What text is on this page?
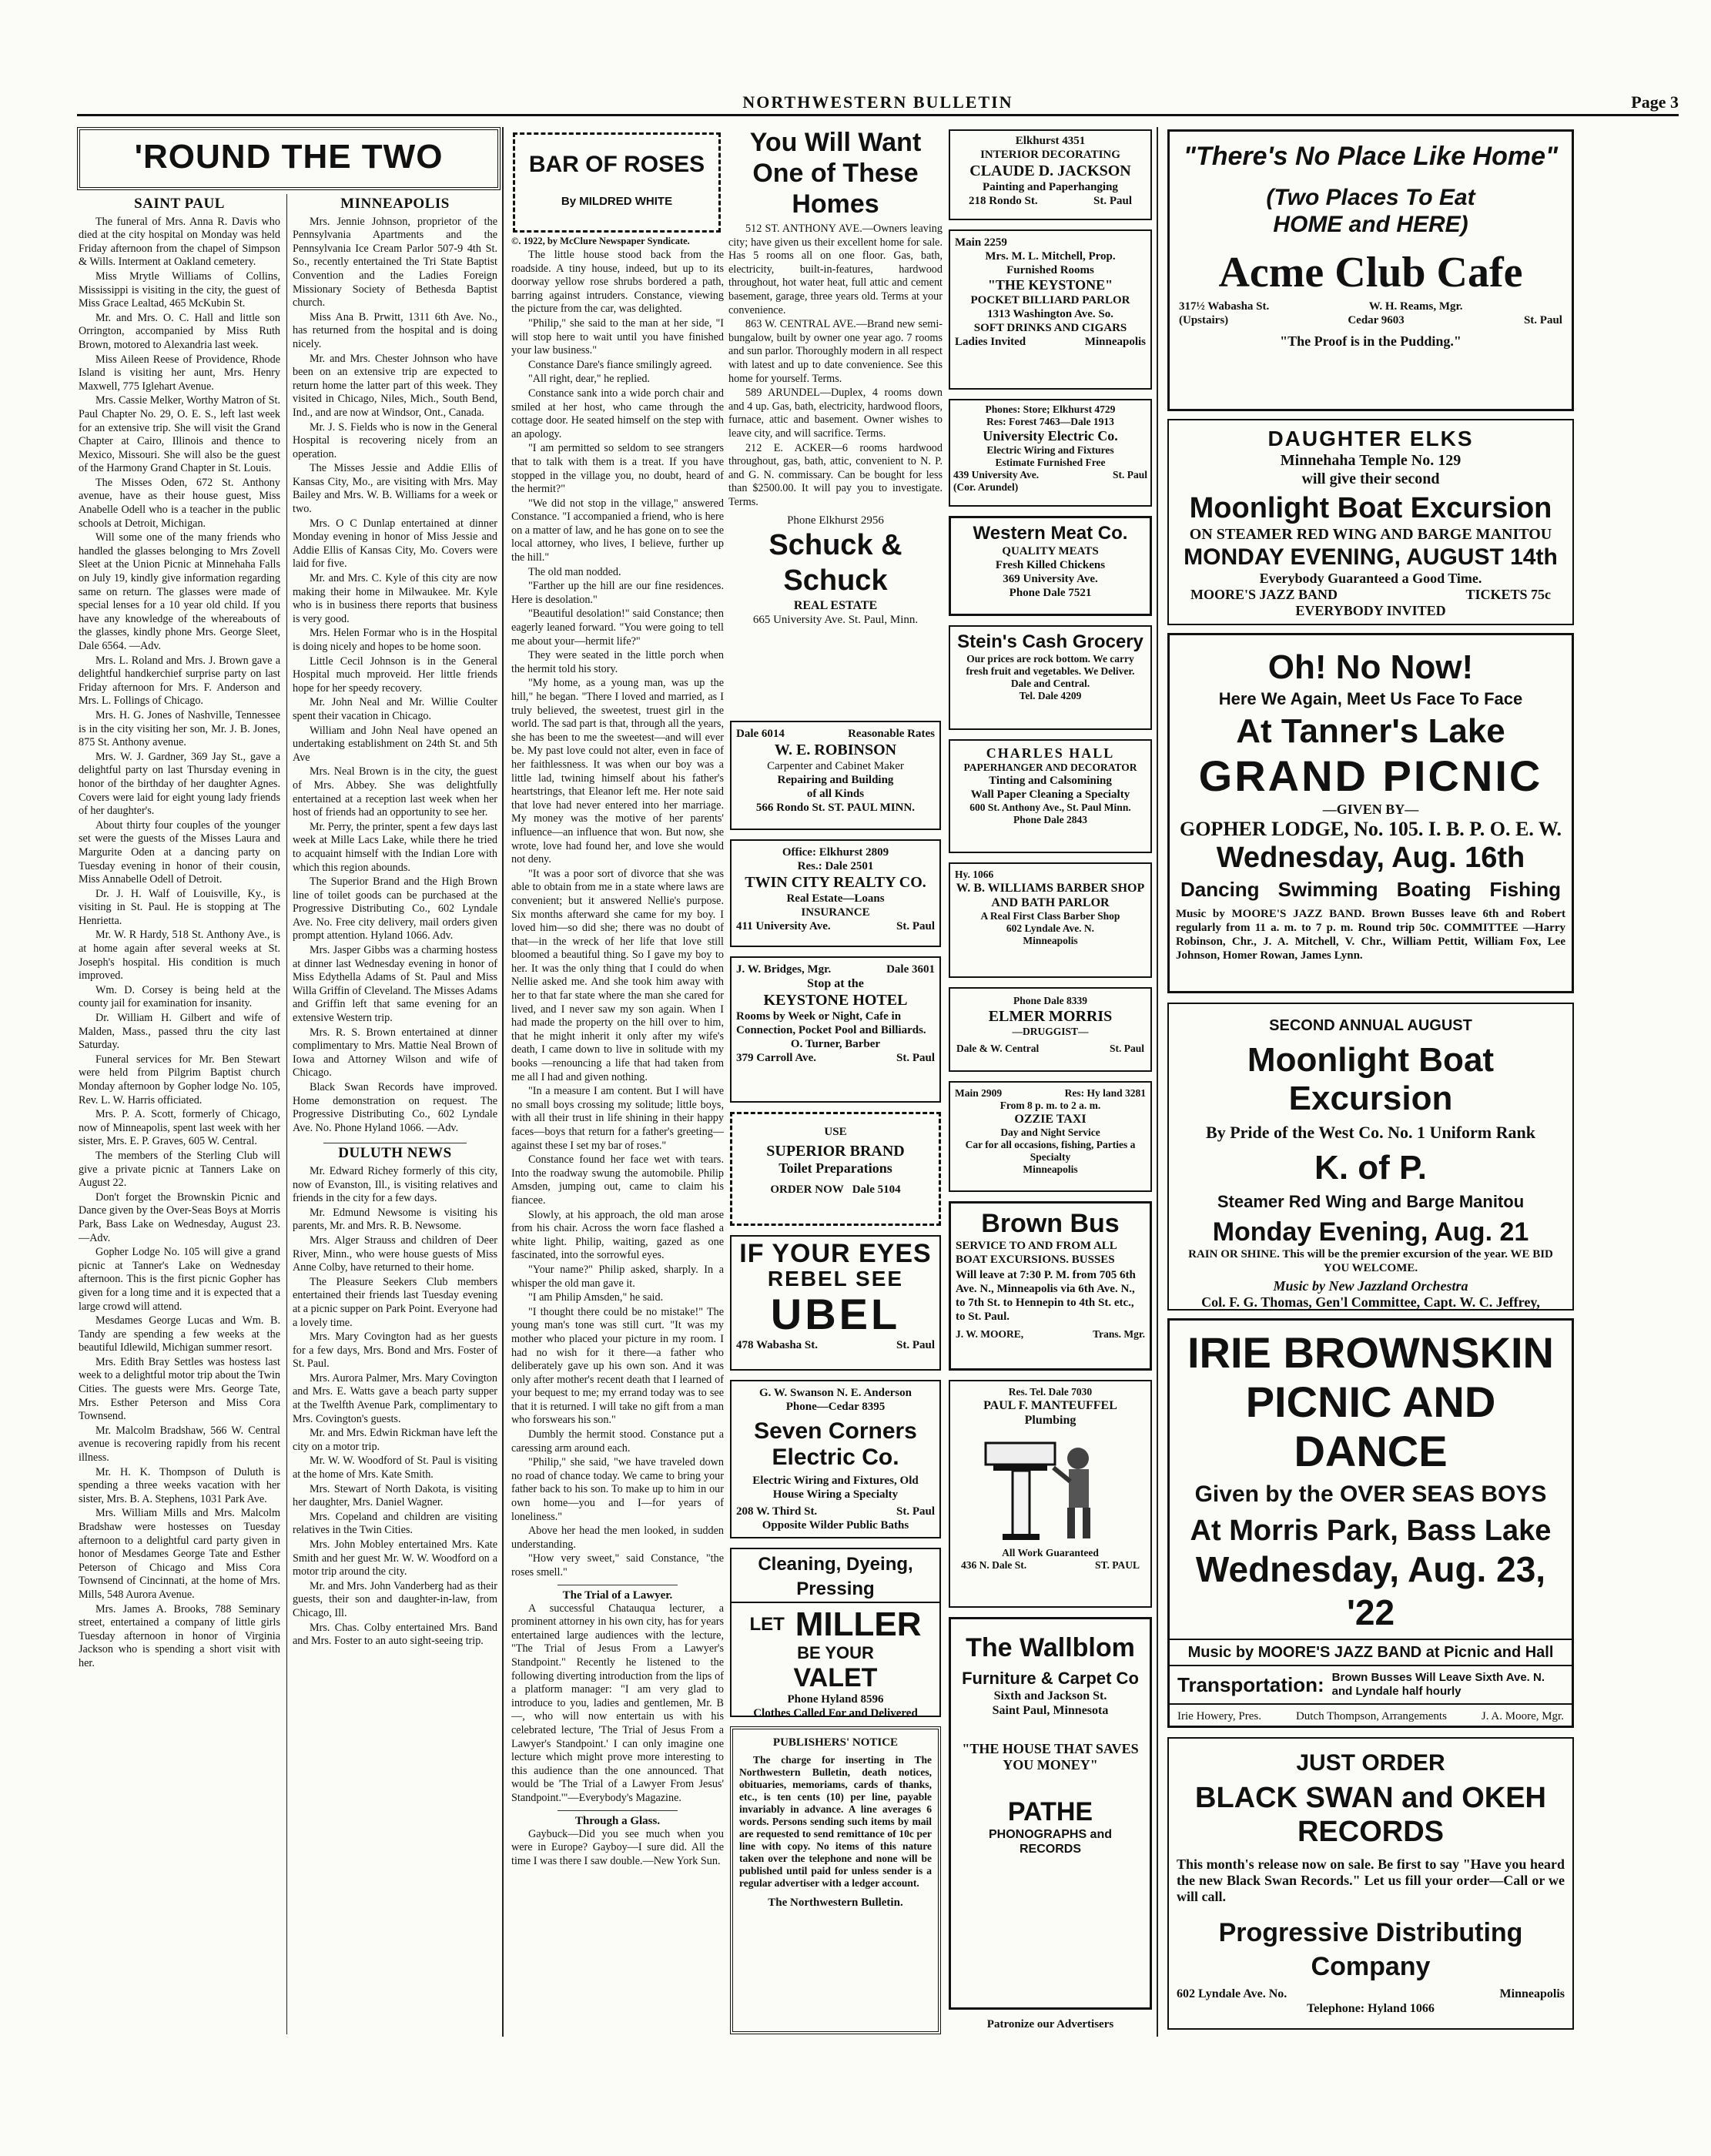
NORTHWESTERN BULLETIN	Page 3
'ROUND THE TWO
SAINT PAUL

The funeral of Mrs. Anna R. Davis who died at the city hospital on Monday was held Friday afternoon from the chapel of Simpson & Wills. Interment at Oakland cemetery.

Miss Mrytle Williams of Collins, Mississippi is visiting in the city, the guest of Miss Grace Lealtad, 465 McKubin St.

Mr. and Mrs. O. C. Hall and little son Orrington, accompanied by Miss Ruth Brown, motored to Alexandria last week.

Miss Aileen Reese of Providence, Rhode Island is visiting her aunt, Mrs. Henry Maxwell, 775 Iglehart Avenue.

Mrs. Cassie Melker, Worthy Matron of St. Paul Chapter No. 29, O. E. S., left last week for an extensive trip. She will visit the Grand Chapter at Cairo, Illinois and thence to Mexico, Missouri. She will also be the guest of the Harmony Grand Chapter in St. Louis.

The Misses Oden, 672 St. Anthony avenue, have as their house guest, Miss Anabelle Odell who is a teacher in the public schools at Detroit, Michigan.

Will some one of the many friends who handled the glasses belonging to Mrs Zovell Sleet at the Union Picnic at Minnehaha Falls on July 19, kindly give information regarding same on return. The glasses were made of special lenses for a 10 year old child. If you have any knowledge of the whereabouts of the glasses, kindly phone Mrs. George Sleet, Dale 6564. —Adv.

Mrs. L. Roland and Mrs. J. Brown gave a delightful handkerchief surprise party on last Friday afternoon for Mrs. F. Anderson and Mrs. L. Follings of Chicago.

Mrs. H. G. Jones of Nashville, Tennessee is in the city visiting her son, Mr. J. B. Jones, 875 St. Anthony avenue.

Mrs. W. J. Gardner, 369 Jay St., gave a delightful party on last Thursday evening in honor of the birthday of her daughter Agnes. Covers were laid for eight young lady friends of her daughter's.

About thirty four couples of the younger set were the guests of the Misses Laura and Margurite Oden at a dancing party on Tuesday evening in honor of their cousin, Miss Annabelle Odell of Detroit.

Dr. J. H. Walf of Louisville, Ky., is visiting in St. Paul. He is stopping at The Henrietta.

Mr. W. R Hardy, 518 St. Anthony Ave., is at home again after several weeks at St. Joseph's hospital. His condition is much improved.

Wm. D. Corsey is being held at the county jail for examination for insanity.

Dr. William H. Gilbert and wife of Malden, Mass., passed thru the city last Saturday.

Funeral services for Mr. Ben Stewart were held from Pilgrim Baptist church Monday afternoon by Gopher lodge No. 105, Rev. L. W. Harris officiated.

Mrs. P. A. Scott, formerly of Chicago, now of Minneapolis, spent last week with her sister, Mrs. E. P. Graves, 605 W. Central.

The members of the Sterling Club will give a private picnic at Tanners Lake on August 22.

Don't forget the Brownskin Picnic and Dance given by the Over-Seas Boys at Morris Park, Bass Lake on Wednesday, August 23. —Adv.

Gopher Lodge No. 105 will give a grand picnic at Tanner's Lake on Wednesday afternoon. This is the first picnic Gopher has given for a long time and it is expected that a large crowd will attend.

Mesdames George Lucas and Wm. B. Tandy are spending a few weeks at the beautiful Idlewild, Michigan summer resort.

Mrs. Edith Bray Settles was hostess last week to a delightful motor trip about the Twin Cities. The guests were Mrs. George Tate, Mrs. Esther Peterson and Miss Cora Townsend.

Mr. Malcolm Bradshaw, 566 W. Central avenue is recovering rapidly from his recent illness.

Mr. H. K. Thompson of Duluth is spending a three weeks vacation with her sister, Mrs. B. A. Stephens, 1031 Park Ave.

Mrs. William Mills and Mrs. Malcolm Bradshaw were hostesses on Tuesday afternoon to a delightful card party given in honor of Mesdames George Tate and Esther Peterson of Chicago and Miss Cora Townsend of Cincinnati, at the home of Mrs. Mills, 548 Aurora Avenue.

Mrs. James A. Brooks, 788 Seminary street, entertained a company of little girls Tuesday afternoon in honor of Virginia Jackson who is spending a short visit with her.

MINNEAPOLIS

Mrs. Jennie Johnson, proprietor of the Pennsylvania Apartments and the Pennsylvania Ice Cream Parlor 507-9 4th St. So., recently entertained the Tri State Baptist Convention and the Ladies Foreign Missionary Society of Bethesda Baptist church.

Miss Ana B. Prwitt, 1311 6th Ave. No., has returned from the hospital and is doing nicely.

Mr. and Mrs. Chester Johnson who have been on an extensive trip are expected to return home the latter part of this week. They visited in Chicago, Niles, Mich., South Bend, Ind., and are now at Windsor, Ont., Canada.

Mr. J. S. Fields who is now in the General Hospital is recovering nicely from an operation.

The Misses Jessie and Addie Ellis of Kansas City, Mo., are visiting with Mrs. May Bailey and Mrs. W. B. Williams for a week or two.

Mrs. O C Dunlap entertained at dinner Monday evening in honor of Miss Jessie and Addie Ellis of Kansas City, Mo. Covers were laid for five.

Mr. and Mrs. C. Kyle of this city are now making their home in Milwaukee. Mr. Kyle who is in business there reports that business is very good.

Mrs. Helen Formar who is in the Hospital is doing nicely and hopes to be home soon.

Little Cecil Johnson is in the General Hospital much mproveid. Her little friends hope for her speedy recovery.

Mr. John Neal and Mr. Willie Coulter spent their vacation in Chicago.

William and John Neal have opened an undertaking establishment on 24th St. and 5th Ave

Mrs. Neal Brown is in the city, the guest of Mrs. Abbey. She was delightfully entertained at a reception last week when her host of friends had an opportunity to see her.

Mr. Perry, the printer, spent a few days last week at Mille Lacs Lake, while there he tried to acquaint himself with the Indian Lore with which this region abounds.

The Superior Brand and the High Brown line of toilet goods can be purchased at the Progressive Distributing Co., 602 Lyndale Ave. No. Free city delivery, mail orders given prompt attention. Hyland 1066. Adv.

Mrs. Jasper Gibbs was a charming hostess at dinner last Wednesday evening in honor of Miss Edythella Adams of St. Paul and Miss Willa Griffin of Cleveland. The Misses Adams and Griffin left that same evening for an extensive Western trip.

Mrs. R. S. Brown entertained at dinner complimentary to Mrs. Mattie Neal Brown of Iowa and Attorney Wilson and wife of Chicago.

Black Swan Records have improved. Home demonstration on request. The Progressive Distributing Co., 602 Lyndale Ave. No. Phone Hyland 1066. —Adv.

DULUTH NEWS

Mr. Edward Richey formerly of this city, now of Evanston, Ill., is visiting relatives and friends in the city for a few days.

Mr. Edmund Newsome is visiting his parents, Mr. and Mrs. R. B. Newsome.

Mrs. Alger Strauss and children of Deer River, Minn., who were house guests of Miss Anne Colby, have returned to their home.

The Pleasure Seekers Club members entertained their friends last Tuesday evening at a picnic supper on Park Point. Everyone had a lovely time.

Mrs. Mary Covington had as her guests for a few days, Mrs. Bond and Mrs. Foster of St. Paul.

Mrs. Aurora Palmer, Mrs. Mary Covington and Mrs. E. Watts gave a beach party supper at the Twelfth Avenue Park, complimentary to Mrs. Covington's guests.

Mr. and Mrs. Edwin Rickman have left the city on a motor trip.

Mr. W. W. Woodford of St. Paul is visiting at the home of Mrs. Kate Smith.

Mrs. Stewart of North Dakota, is visiting her daughter, Mrs. Daniel Wagner.

Mrs. Copeland and children are visiting relatives in the Twin Cities.

Mrs. John Mobley entertained Mrs. Kate Smith and her guest Mr. W. W. Woodford on a motor trip around the city.

Mr. and Mrs. John Vanderberg had as their guests, their son and daughter-in-law, from Chicago, Ill.

Mrs. Chas. Colby entertained Mrs. Band and Mrs. Foster to an auto sight-seeing trip.

BAR OF ROSES
By MILDRED WHITE
©. 1922, by McClure Newspaper Syndicate.

The little house stood back from the roadside. A tiny house, indeed, but up to its doorway yellow rose shrubs bordered a path, barring against intruders. Constance, viewing the picture from the car, was delighted.

"Philip," she said to the man at her side, "I will stop here to wait until you have finished your law business."

Constance Dare's fiance smilingly agreed.

"All right, dear," he replied.

Constance sank into a wide porch chair and smiled at her host, who came through the cottage door. He seated himself on the step with an apology.

"I am permitted so seldom to see strangers that to talk with them is a treat. If you have stopped in the village you, no doubt, heard of the hermit?"

"We did not stop in the village," answered Constance. "I accompanied a friend, who is here on a matter of law, and he has gone on to see the local attorney, who lives, I believe, further up the hill."

The old man nodded.

"Farther up the hill are our fine residences. Here is desolation."

"Beautiful desolation!" said Constance; then eagerly leaned forward. "You were going to tell me about your—hermit life?"

They were seated in the little porch when the hermit told his story.

"My home, as a young man, was up the hill," he began. "There I loved and married, as I truly believed, the sweetest, truest girl in the world. The sad part is that, through all the years, she has been to me the sweetest—and will ever be. My past love could not alter, even in face of her faithlessness. It was when our boy was a little lad, twining himself about his father's heartstrings, that Eleanor left me. Her note said that love had never entered into her marriage. My money was the motive of her parents' influence—an influence that won. But now, she wrote, love had found her, and love she would not deny.

"It was a poor sort of divorce that she was able to obtain from me in a state where laws are convenient; but it answered Nellie's purpose. Six months afterward she came for my boy. I loved him—so did she; there was no doubt of that—in the wreck of her life that love still bloomed a beautiful thing. So I gave my boy to her. It was the only thing that I could do when Nellie asked me. And she took him away with her to that far state where the man she cared for lived, and I never saw my son again. When I had made the property on the hill over to him, that he might inherit it only after my wife's death, I came down to live in solitude with my books —renouncing a life that had taken from me all I had and given nothing.

"In a measure I am content. But I will have no small boys crossing my solitude; little boys, with all their trust in life shining in their happy faces—boys that return for a father's greeting—against these I set my bar of roses."

Constance found her face wet with tears. Into the roadway swung the automobile. Philip Amsden, jumping out, came to claim his fiancee.

Slowly, at his approach, the old man arose from his chair. Across the worn face flashed a white light. Philip, waiting, gazed as one fascinated, into the sorrowful eyes.

"Your name?" Philip asked, sharply. In a whisper the old man gave it.

"I am Philip Amsden," he said.

"I thought there could be no mistake!" The young man's tone was still curt. "It was my mother who placed your picture in my room. I had no wish for it there—a father who deliberately gave up his own son. And it was only after mother's recent death that I learned of your bequest to me; my errand today was to see that it is returned. I will take no gift from a man who forswears his son."

Dumbly the hermit stood. Constance put a caressing arm around each.

"Philip," she said, "we have traveled down no road of chance today. We came to bring your father back to his son. To make up to him in our own home—you and I—for years of loneliness."

Above her head the men looked, in sudden understanding.

"How very sweet," said Constance, "the roses smell."

The Trial of a Lawyer.

A successful Chatauqua lecturer, a prominent attorney in his own city, has for years entertained large audiences with the lecture, "The Trial of Jesus From a Lawyer's Standpoint." Recently he listened to the following diverting introduction from the lips of a platform manager: "I am very glad to introduce to you, ladies and gentlemen, Mr. B—, who will now entertain us with his celebrated lecture, 'The Trial of Jesus From a Lawyer's Standpoint.' I can only imagine one lecture which might prove more interesting to this audience than the one announced. That would be 'The Trial of a Lawyer From Jesus' Standpoint.'"—Everybody's Magazine.

Through a Glass.

Gaybuck—Did you see much when you were in Europe? Gayboy—I sure did. All the time I was there I saw double.—New York Sun.

You Will Want One of These Homes

512 ST. ANTHONY AVE.—Owners leaving city; have given us their excellent home for sale. Has 5 rooms all on one floor. Gas, bath, electricity, built-in-features, hardwood throughout, hot water heat, full attic and cement basement, garage, three years old. Terms at your convenience.

863 W. CENTRAL AVE.—Brand new semi-bungalow, built by owner one year ago. 7 rooms and sun parlor. Thoroughly modern in all respect with latest and up to date convenience. See this home for yourself. Terms.

589 ARUNDEL—Duplex, 4 rooms down and 4 up. Gas, bath, electricity, hardwood floors, furnace, attic and basement. Owner wishes to leave city, and will sacrifice. Terms.

212 E. ACKER—6 rooms hardwood throughout, gas, bath, attic, convenient to N. P. and G. N. commissary. Can be bought for less than $2500.00. It will pay you to investigate. Terms.

Phone Elkhurst 2956
Schuck & Schuck
REAL ESTATE
665 University Ave. St. Paul, Minn.
Dale 6014	Reasonable Rates
W. E. ROBINSON
Carpenter and Cabinet Maker
Repairing and Building
of all Kinds
566 Rondo St. ST. PAUL MINN.
Office: Elkhurst 2809
Res.: Dale 2501
TWIN CITY REALTY CO.
Real Estate—Loans
INSURANCE
411 University Ave.	St. Paul
J. W. Bridges, Mgr.	Dale 3601
Stop at the
KEYSTONE HOTEL
Rooms by Week or Night, Cafe in Connection, Pocket Pool and Billiards.
O. Turner, Barber
379 Carroll Ave.	St. Paul
USE
SUPERIOR BRAND
Toilet Preparations
ORDER NOW Dale 5104
IF YOUR EYES
REBEL SEE
UBEL
478 Wabasha St.	St. Paul
G. W. Swanson N. E. Anderson
Phone—Cedar 8395
Seven Corners Electric Co.
Electric Wiring and Fixtures, Old House Wiring a Specialty
208 W. Third St.	St. Paul
Opposite Wilder Public Baths
Cleaning, Dyeing, Pressing
LET MILLER
BE YOUR
VALET
Phone Hyland 8596
Clothes Called For and Delivered
PUBLISHERS' NOTICE
The charge for inserting in The Northwestern Bulletin, death notices, obituaries, memoriams, cards of thanks, etc., is ten cents (10) per line, payable invariably in advance. A line averages 6 words. Persons sending such items by mail are requested to send remittance of 10c per line with copy. No items of this nature taken over the telephone and none will be published until paid for unless sender is a regular advertiser with a ledger account.
The Northwestern Bulletin.
Elkhurst 4351
INTERIOR DECORATING
CLAUDE D. JACKSON
Painting and Paperhanging
218 Rondo St.	St. Paul
Main 2259
Mrs. M. L. Mitchell, Prop.
Furnished Rooms
"THE KEYSTONE"
POCKET BILLIARD PARLOR
1313 Washington Ave. So.
SOFT DRINKS AND CIGARS
Ladies Invited	Minneapolis
Phones: Store; Elkhurst 4729
Res: Forest 7463—Dale 1913
University Electric Co.
Electric Wiring and Fixtures
Estimate Furnished Free
439 University Ave.	St. Paul
(Cor. Arundel)
Western Meat Co.
QUALITY MEATS
Fresh Killed Chickens
369 University Ave.
Phone Dale 7521
Stein's Cash Grocery
Our prices are rock bottom. We carry fresh fruit and vegetables. We Deliver.
Dale and Central.
Tel. Dale 4209
CHARLES HALL
PAPERHANGER AND DECORATOR
Tinting and Calsomining
Wall Paper Cleaning a Specialty
600 St. Anthony Ave., St. Paul Minn.
Phone Dale 2843
Hy. 1066
W. B. WILLIAMS BARBER SHOP AND BATH PARLOR
A Real First Class Barber Shop
602 Lyndale Ave. N.
Minneapolis
Phone Dale 8339
ELMER MORRIS
—DRUGGIST—
Dale & W. Central	St. Paul
Main 2909	Res: Hy land 3281
From 8 p. m. to 2 a. m.
OZZIE TAXI
Day and Night Service
Car for all occasions, fishing, Parties a Specialty
Minneapolis
Brown Bus
SERVICE TO AND FROM ALL
BOAT EXCURSIONS. BUSSES
Will leave at 7:30 P. M. from 705 6th Ave. N., Minneapolis via 6th Ave. N., to 7th St. to Hennepin to 4th St. etc., to St. Paul.
J. W. MOORE,	Trans. Mgr.
Res. Tel. Dale 7030
PAUL F. MANTEUFFEL
Plumbing
All Work Guaranteed
436 N. Dale St.	ST. PAUL
The Wallblom
Furniture & Carpet Co
Sixth and Jackson St.
Saint Paul, Minnesota
"THE HOUSE THAT SAVES YOU MONEY"
PATHE
PHONOGRAPHS and RECORDS
Patronize our Advertisers
"There's No Place Like Home"
(Two Places To Eat
HOME and HERE)
Acme Club Cafe
317½ Wabasha St.	W. H. Reams, Mgr.
(Upstairs)	Cedar 9603	St. Paul
"The Proof is in the Pudding."
DAUGHTER ELKS
Minnehaha Temple No. 129
will give their second
Moonlight Boat Excursion
ON STEAMER RED WING AND BARGE MANITOU
MONDAY EVENING, AUGUST 14th
Everybody Guaranteed a Good Time.
MOORE'S JAZZ BAND	TICKETS 75c
EVERYBODY INVITED
Oh! No Now!
Here We Again, Meet Us Face To Face
At Tanner's Lake
GRAND PICNIC
—GIVEN BY—
GOPHER LODGE, No. 105. I. B. P. O. E. W.
Wednesday, Aug. 16th
Dancing Swimming Boating Fishing
Music by MOORE'S JAZZ BAND. Brown Busses leave 6th and Robert regularly from 11 a. m. to 7 p. m. Round trip 50c. COMMITTEE —Harry Robinson, Chr., J. A. Mitchell, V. Chr., William Pettit, William Fox, Lee Johnson, Homer Rowan, James Lynn.
SECOND ANNUAL AUGUST
Moonlight Boat Excursion
By Pride of the West Co. No. 1 Uniform Rank
K. of P.
Steamer Red Wing and Barge Manitou
Monday Evening, Aug. 21
RAIN OR SHINE. This will be the premier excursion of the year. WE BID YOU WELCOME.
Music by New Jazzland Orchestra
Col. F. G. Thomas, Gen'l Committee, Capt. W. C. Jeffrey,
IRIE BROWNSKIN
PICNIC AND DANCE
Given by the OVER SEAS BOYS
At Morris Park, Bass Lake
Wednesday, Aug. 23, '22
Music by MOORE'S JAZZ BAND at Picnic and Hall
Transportation: Brown Busses Will Leave Sixth Ave. N. and Lyndale half hourly
Irie Howery, Pres.	Dutch Thompson, Arrangements	J. A. Moore, Mgr.
JUST ORDER
BLACK SWAN and OKEH RECORDS
This month's release now on sale. Be first to say "Have you heard the new Black Swan Records." Let us fill your order—Call or we will call.
Progressive Distributing Company
602 Lyndale Ave. No.	Minneapolis
Telephone: Hyland 1066
